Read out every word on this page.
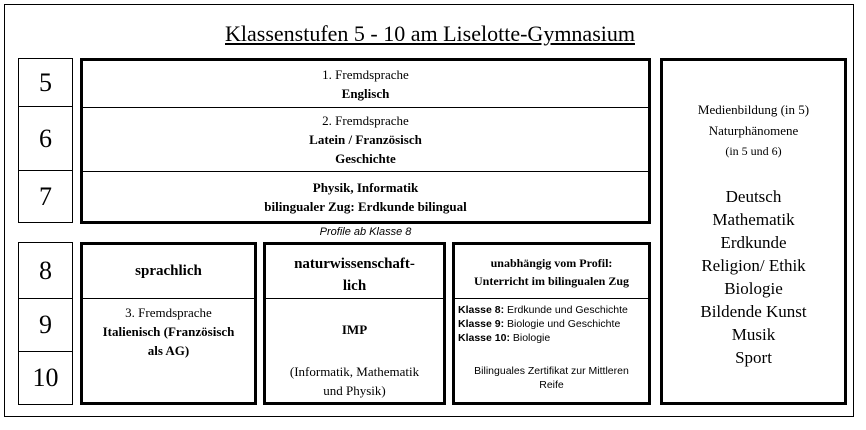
Klassenstufen 5 - 10 am Liselotte-Gymnasium
5
6
7
8
9
10
1. Fremdsprache
Englisch
2. Fremdsprache
Latein / Französisch
Geschichte
Physik, Informatik
bilingualer Zug: Erdkunde bilingual
Profile ab Klasse 8
sprachlich
3. Fremdsprache
Italienisch (Französisch
als AG)
naturwissenschaft-
lich
IMP
(Informatik, Mathematik
und Physik)
unabhängig vom Profil:
Unterricht im bilingualen Zug
Klasse 8: Erdkunde und Geschichte
Klasse 9: Biologie und Geschichte
Klasse 10: Biologie
Bilinguales Zertifikat zur Mittleren
Reife
Medienbildung (in 5)
Naturphänomene
(in 5 und 6)
Deutsch
Mathematik
Erdkunde
Religion/ Ethik
Biologie
Bildende Kunst
Musik
Sport
